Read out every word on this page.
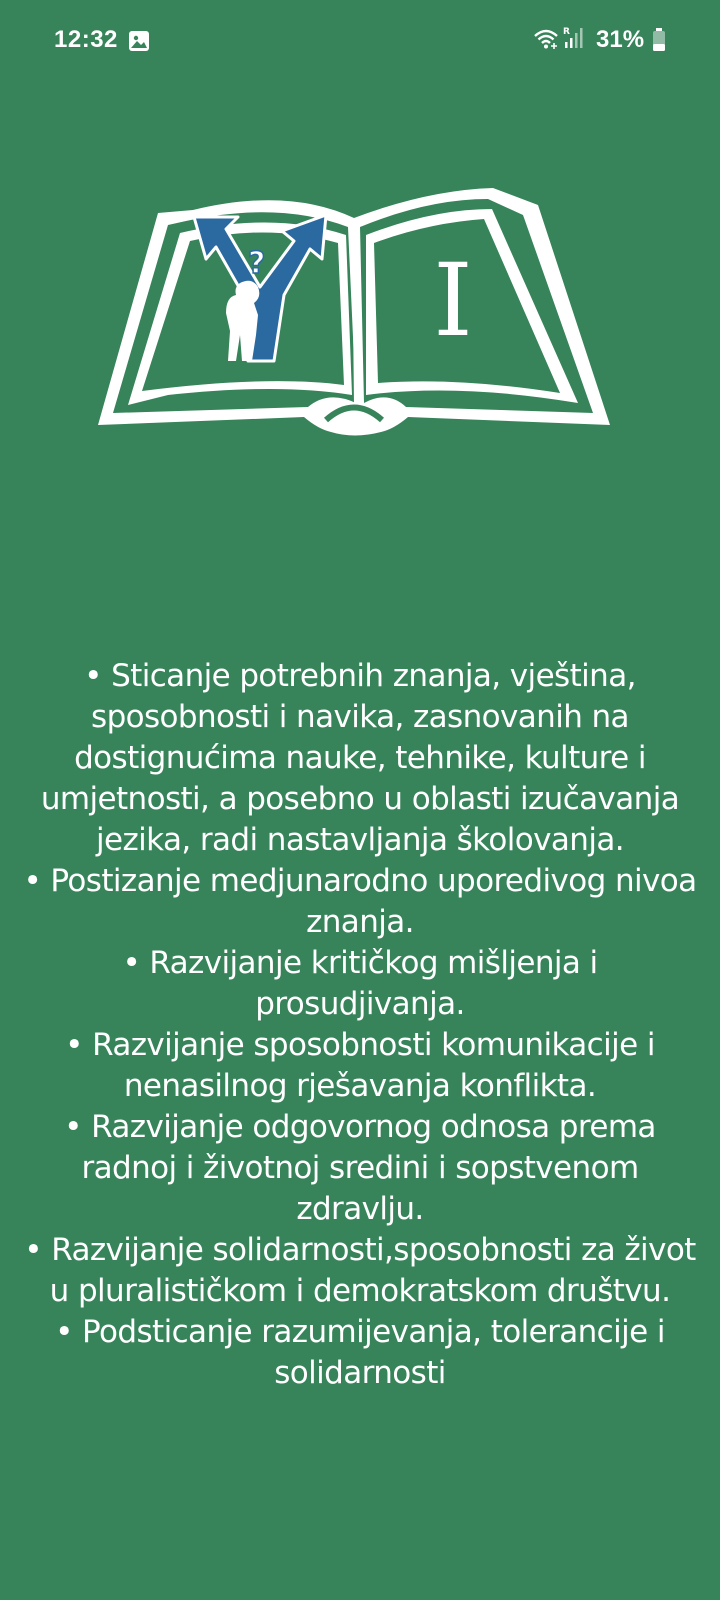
12:32	R 31%
? I
• Sticanje potrebnih znanja, vještina, sposobnosti i navika, zasnovanih na dostignućima nauke, tehnike, kulture i umjetnosti, a posebno u oblasti izučavanja jezika, radi nastavljanja školovanja.
• Postizanje medjunarodno uporedivog nivoa znanja.
• Razvijanje kritičkog mišljenja i prosudjivanja.
• Razvijanje sposobnosti komunikacije i nenasilnog rješavanja konflikta.
• Razvijanje odgovornog odnosa prema radnoj i životnoj sredini i sopstvenom zdravlju.
• Razvijanje solidarnosti,sposobnosti za život u pluralističkom i demokratskom društvu.
• Podsticanje razumijevanja, tolerancije i solidarnosti
